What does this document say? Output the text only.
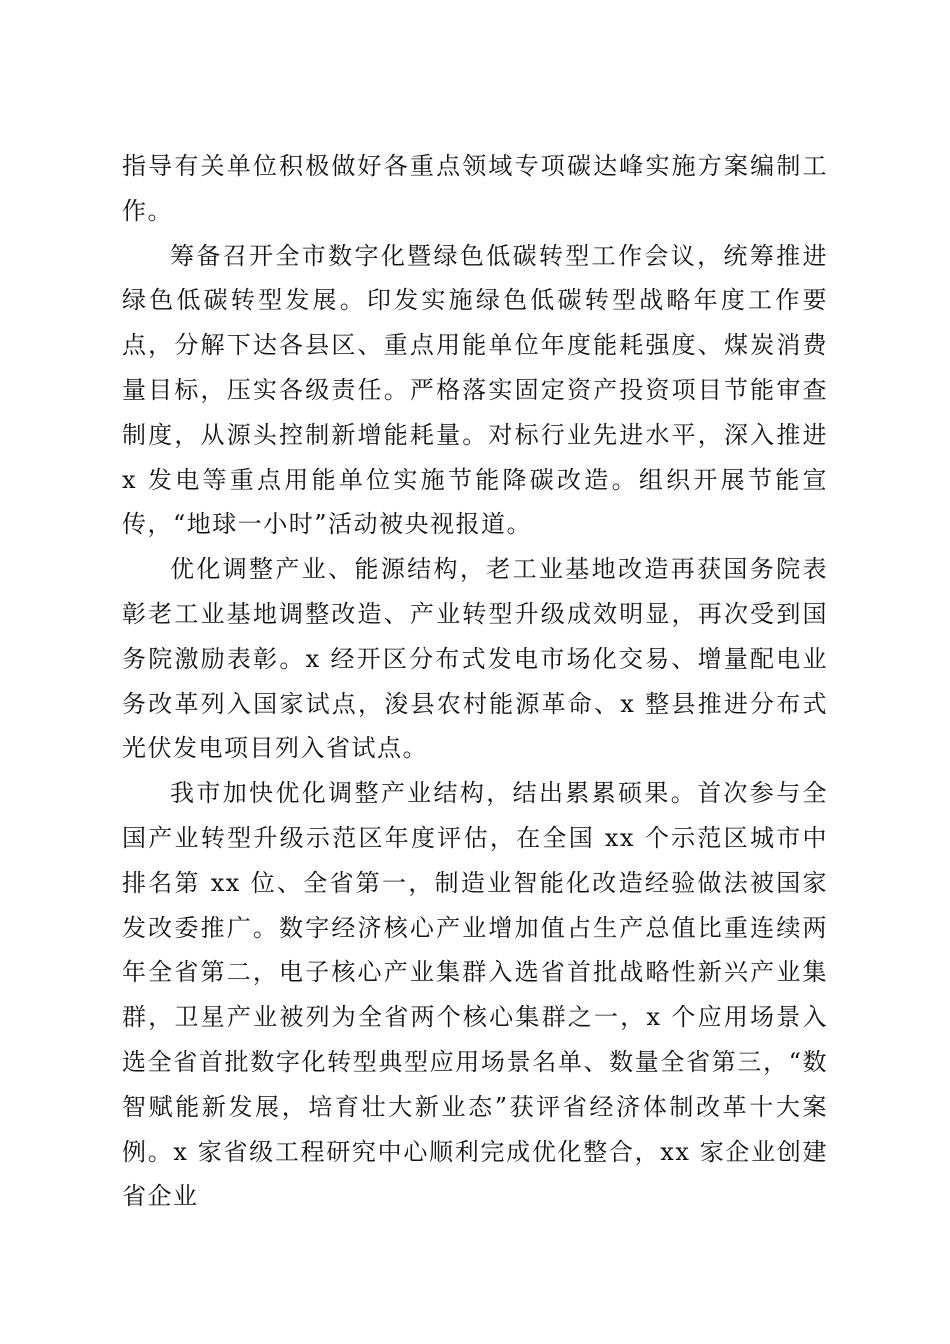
指导有关单位积极做好各重点领域专项碳达峰实施方案编制工作。

筹备召开全市数字化暨绿色低碳转型工作会议，统筹推进绿色低碳转型发展。印发实施绿色低碳转型战略年度工作要点，分解下达各县区、重点用能单位年度能耗强度、煤炭消费量目标，压实各级责任。严格落实固定资产投资项目节能审查制度，从源头控制新增能耗量。对标行业先进水平，深入推进 x 发电等重点用能单位实施节能降碳改造。组织开展节能宣传，“地球一小时”活动被央视报道。

优化调整产业、能源结构，老工业基地改造再获国务院表彰老工业基地调整改造、产业转型升级成效明显，再次受到国务院激励表彰。x 经开区分布式发电市场化交易、增量配电业务改革列入国家试点，浚县农村能源革命、x 整县推进分布式光伏发电项目列入省试点。

我市加快优化调整产业结构，结出累累硕果。首次参与全国产业转型升级示范区年度评估，在全国 xx 个示范区城市中排名第 xx 位、全省第一，制造业智能化改造经验做法被国家发改委推广。数字经济核心产业增加值占生产总值比重连续两年全省第二，电子核心产业集群入选省首批战略性新兴产业集群，卫星产业被列为全省两个核心集群之一，x 个应用场景入选全省首批数字化转型典型应用场景名单、数量全省第三，“数智赋能新发展，培育壮大新业态”获评省经济体制改革十大案例。x 家省级工程研究中心顺利完成优化整合，xx 家企业创建省企业
